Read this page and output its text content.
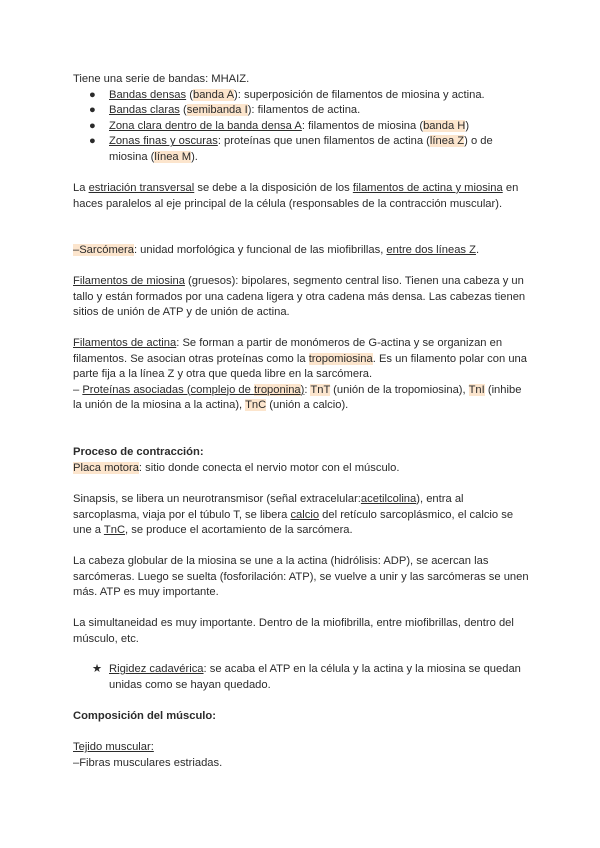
Tiene una serie de bandas: MHAIZ.
● Bandas densas (banda A): superposición de filamentos de miosina y actina.
● Bandas claras (semibanda I): filamentos de actina.
● Zona clara dentro de la banda densa A: filamentos de miosina (banda H)
● Zonas finas y oscuras: proteínas que unen filamentos de actina (línea Z) o de miosina (línea M).

La estriación transversal se debe a la disposición de los filamentos de actina y miosina en haces paralelos al eje principal de la célula (responsables de la contracción muscular).

–Sarcómera: unidad morfológica y funcional de las miofibrillas, entre dos líneas Z.

Filamentos de miosina (gruesos): bipolares, segmento central liso. Tienen una cabeza y un tallo y están formados por una cadena ligera y otra cadena más densa. Las cabezas tienen sitios de unión de ATP y de unión de actina.

Filamentos de actina: Se forman a partir de monómeros de G-actina y se organizan en filamentos. Se asocian otras proteínas como la tropomiosina. Es un filamento polar con una parte fija a la línea Z y otra que queda libre en la sarcómera.
– Proteínas asociadas (complejo de troponina): TnT (unión de la tropomiosina), TnI (inhibe la unión de la miosina a la actina), TnC (unión a calcio).
Proceso de contracción:
Placa motora: sitio donde conecta el nervio motor con el músculo.

Sinapsis, se libera un neurotransmisor (señal extracelular:acetilcolina), entra al sarcoplasma, viaja por el túbulo T, se libera calcio del retículo sarcoplásmico, el calcio se une a TnC, se produce el acortamiento de la sarcómera.

La cabeza globular de la miosina se une a la actina (hidrólisis: ADP), se acercan las sarcómeras. Luego se suelta (fosforilación: ATP), se vuelve a unir y las sarcómeras se unen más. ATP es muy importante.

La simultaneidad es muy importante. Dentro de la miofibrilla, entre miofibrillas, dentro del músculo, etc.

★ Rigidez cadavérica: se acaba el ATP en la célula y la actina y la miosina se quedan unidas como se hayan quedado.
Composición del músculo:
Tejido muscular:
–Fibras musculares estriadas.
